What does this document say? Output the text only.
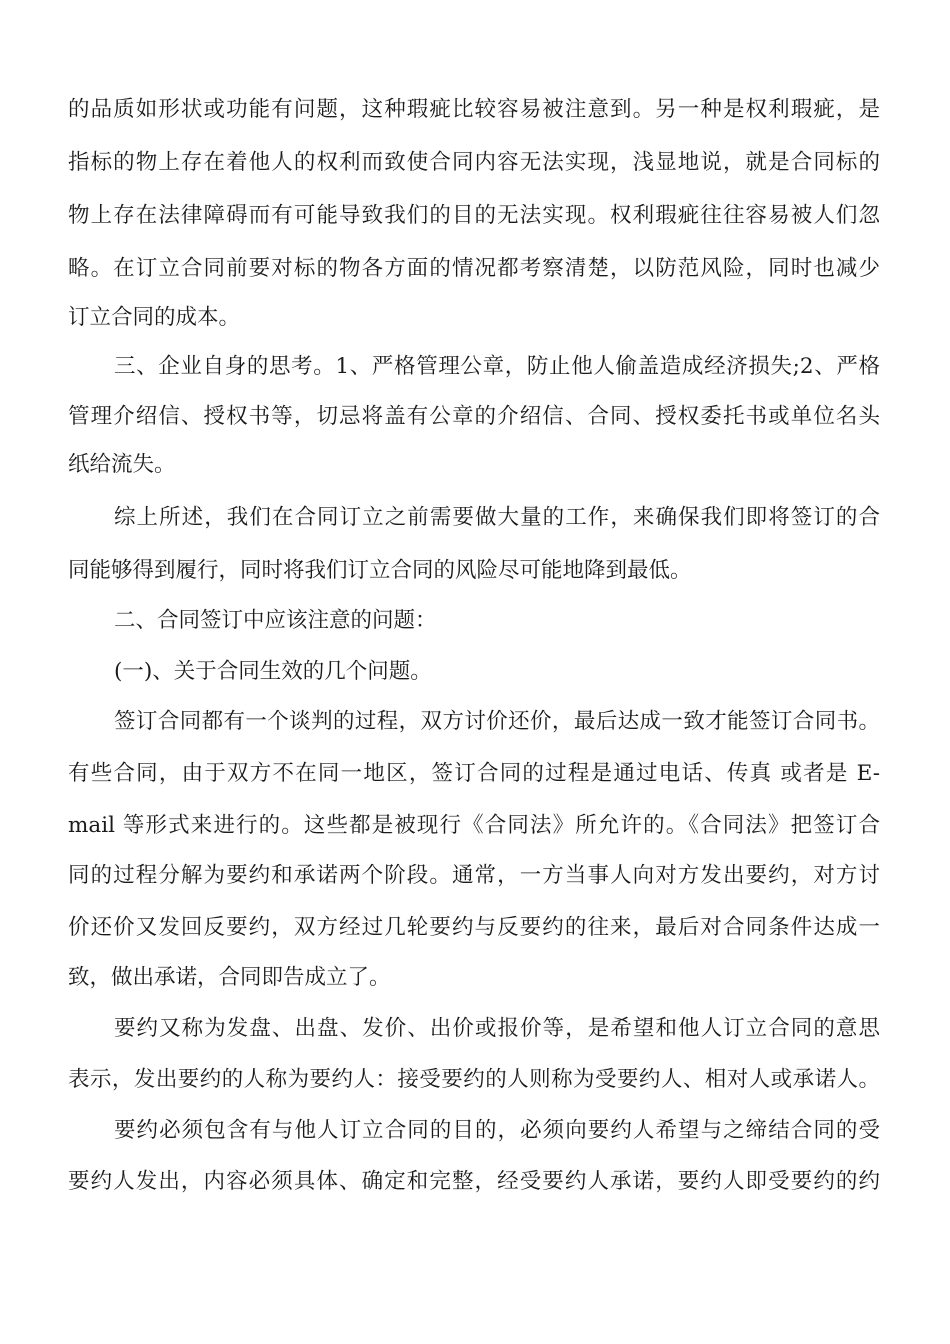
的品质如形状或功能有问题，这种瑕疵比较容易被注意到。另一种是权利瑕疵，是
指标的物上存在着他人的权利而致使合同内容无法实现，浅显地说，就是合同标的
物上存在法律障碍而有可能导致我们的目的无法实现。权利瑕疵往往容易被人们忽
略。在订立合同前要对标的物各方面的情况都考察清楚，以防范风险，同时也减少
订立合同的成本。
三、企业自身的思考。1、严格管理公章，防止他人偷盖造成经济损失;2、严格
管理介绍信、授权书等，切忌将盖有公章的介绍信、合同、授权委托书或单位名头
纸给流失。
综上所述，我们在合同订立之前需要做大量的工作，来确保我们即将签订的合
同能够得到履行，同时将我们订立合同的风险尽可能地降到最低。
二、合同签订中应该注意的问题：
(一)、关于合同生效的几个问题。
签订合同都有一个谈判的过程，双方讨价还价，最后达成一致才能签订合同书。
有些合同，由于双方不在同一地区，签订合同的过程是通过电话、传真 或者是 E-
mail 等形式来进行的。这些都是被现行《合同法》所允许的。《合同法》把签订合
同的过程分解为要约和承诺两个阶段。通常，一方当事人向对方发出要约，对方讨
价还价又发回反要约，双方经过几轮要约与反要约的往来，最后对合同条件达成一
致，做出承诺，合同即告成立了。
要约又称为发盘、出盘、发价、出价或报价等，是希望和他人订立合同的意思
表示，发出要约的人称为要约人：接受要约的人则称为受要约人、相对人或承诺人。
要约必须包含有与他人订立合同的目的，必须向要约人希望与之缔结合同的受
要约人发出，内容必须具体、确定和完整，经受要约人承诺，要约人即受要约的约
